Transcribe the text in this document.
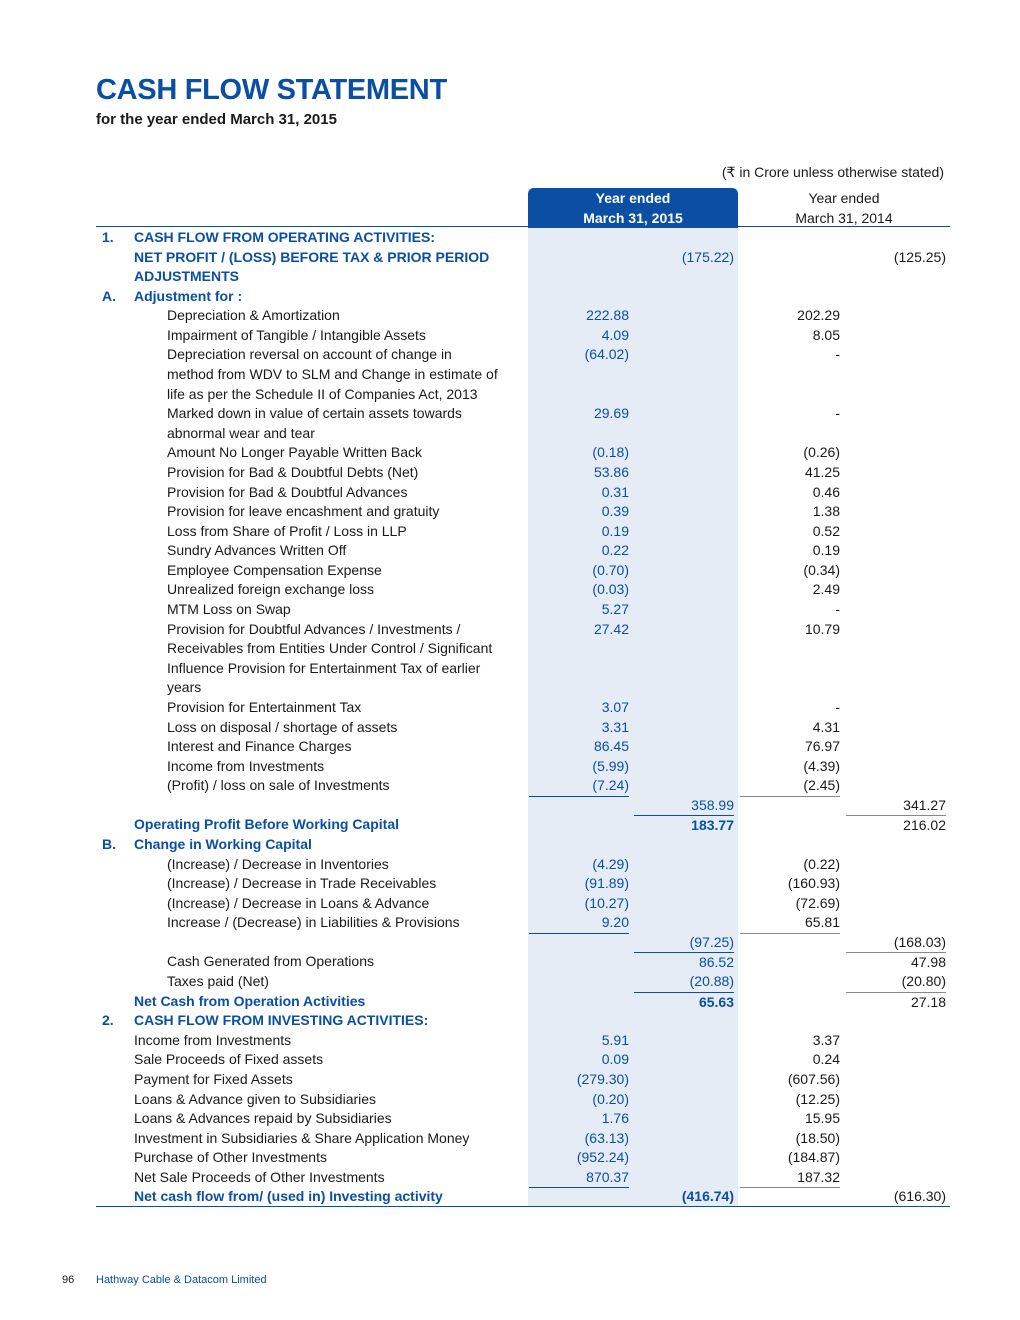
CASH FLOW STATEMENT
for the year ended March 31, 2015
(₹ in Crore unless otherwise stated)
Year ended
March 31, 2015
Year ended
March 31, 2014
1. CASH FLOW FROM OPERATING ACTIVITIES:
NET PROFIT / (LOSS) BEFORE TAX & PRIOR PERIOD	(175.22)	(125.25)
ADJUSTMENTS
A. Adjustment for :
Depreciation & Amortization	222.88	202.29
Impairment of Tangible / Intangible Assets	4.09	8.05
Depreciation reversal on account of change in	(64.02)	-
method from WDV to SLM and Change in estimate of
life as per the Schedule II of Companies Act, 2013
Marked down in value of certain assets towards	29.69	-
abnormal wear and tear
Amount No Longer Payable Written Back	(0.18)	(0.26)
Provision for Bad & Doubtful Debts (Net)	53.86	41.25
Provision for Bad & Doubtful Advances	0.31	0.46
Provision for leave encashment and gratuity	0.39	1.38
Loss from Share of Profit / Loss in LLP	0.19	0.52
Sundry Advances Written Off	0.22	0.19
Employee Compensation Expense	(0.70)	(0.34)
Unrealized foreign exchange loss	(0.03)	2.49
MTM Loss on Swap	5.27	-
Provision for Doubtful Advances / Investments /	27.42	10.79
Receivables from Entities Under Control / Significant
Influence Provision for Entertainment Tax of earlier
years
Provision for Entertainment Tax	3.07	-
Loss on disposal / shortage of assets	3.31	4.31
Interest and Finance Charges	86.45	76.97
Income from Investments	(5.99)	(4.39)
(Profit) / loss on sale of Investments	(7.24)	(2.45)
358.99	341.27
Operating Profit Before Working Capital	183.77	216.02
B. Change in Working Capital
(Increase) / Decrease in Inventories	(4.29)	(0.22)
(Increase) / Decrease in Trade Receivables	(91.89)	(160.93)
(Increase) / Decrease in Loans & Advance	(10.27)	(72.69)
Increase / (Decrease) in Liabilities & Provisions	9.20	65.81
(97.25)	(168.03)
Cash Generated from Operations	86.52	47.98
Taxes paid (Net)	(20.88)	(20.80)
Net Cash from Operation Activities	65.63	27.18
2. CASH FLOW FROM INVESTING ACTIVITIES:
Income from Investments	5.91	3.37
Sale Proceeds of Fixed assets	0.09	0.24
Payment for Fixed Assets	(279.30)	(607.56)
Loans & Advance given to Subsidiaries	(0.20)	(12.25)
Loans & Advances repaid by Subsidiaries	1.76	15.95
Investment in Subsidiaries & Share Application Money	(63.13)	(18.50)
Purchase of Other Investments	(952.24)	(184.87)
Net Sale Proceeds of Other Investments	870.37	187.32
Net cash flow from/ (used in) Investing activity	(416.74)	(616.30)
96 Hathway Cable & Datacom Limited
